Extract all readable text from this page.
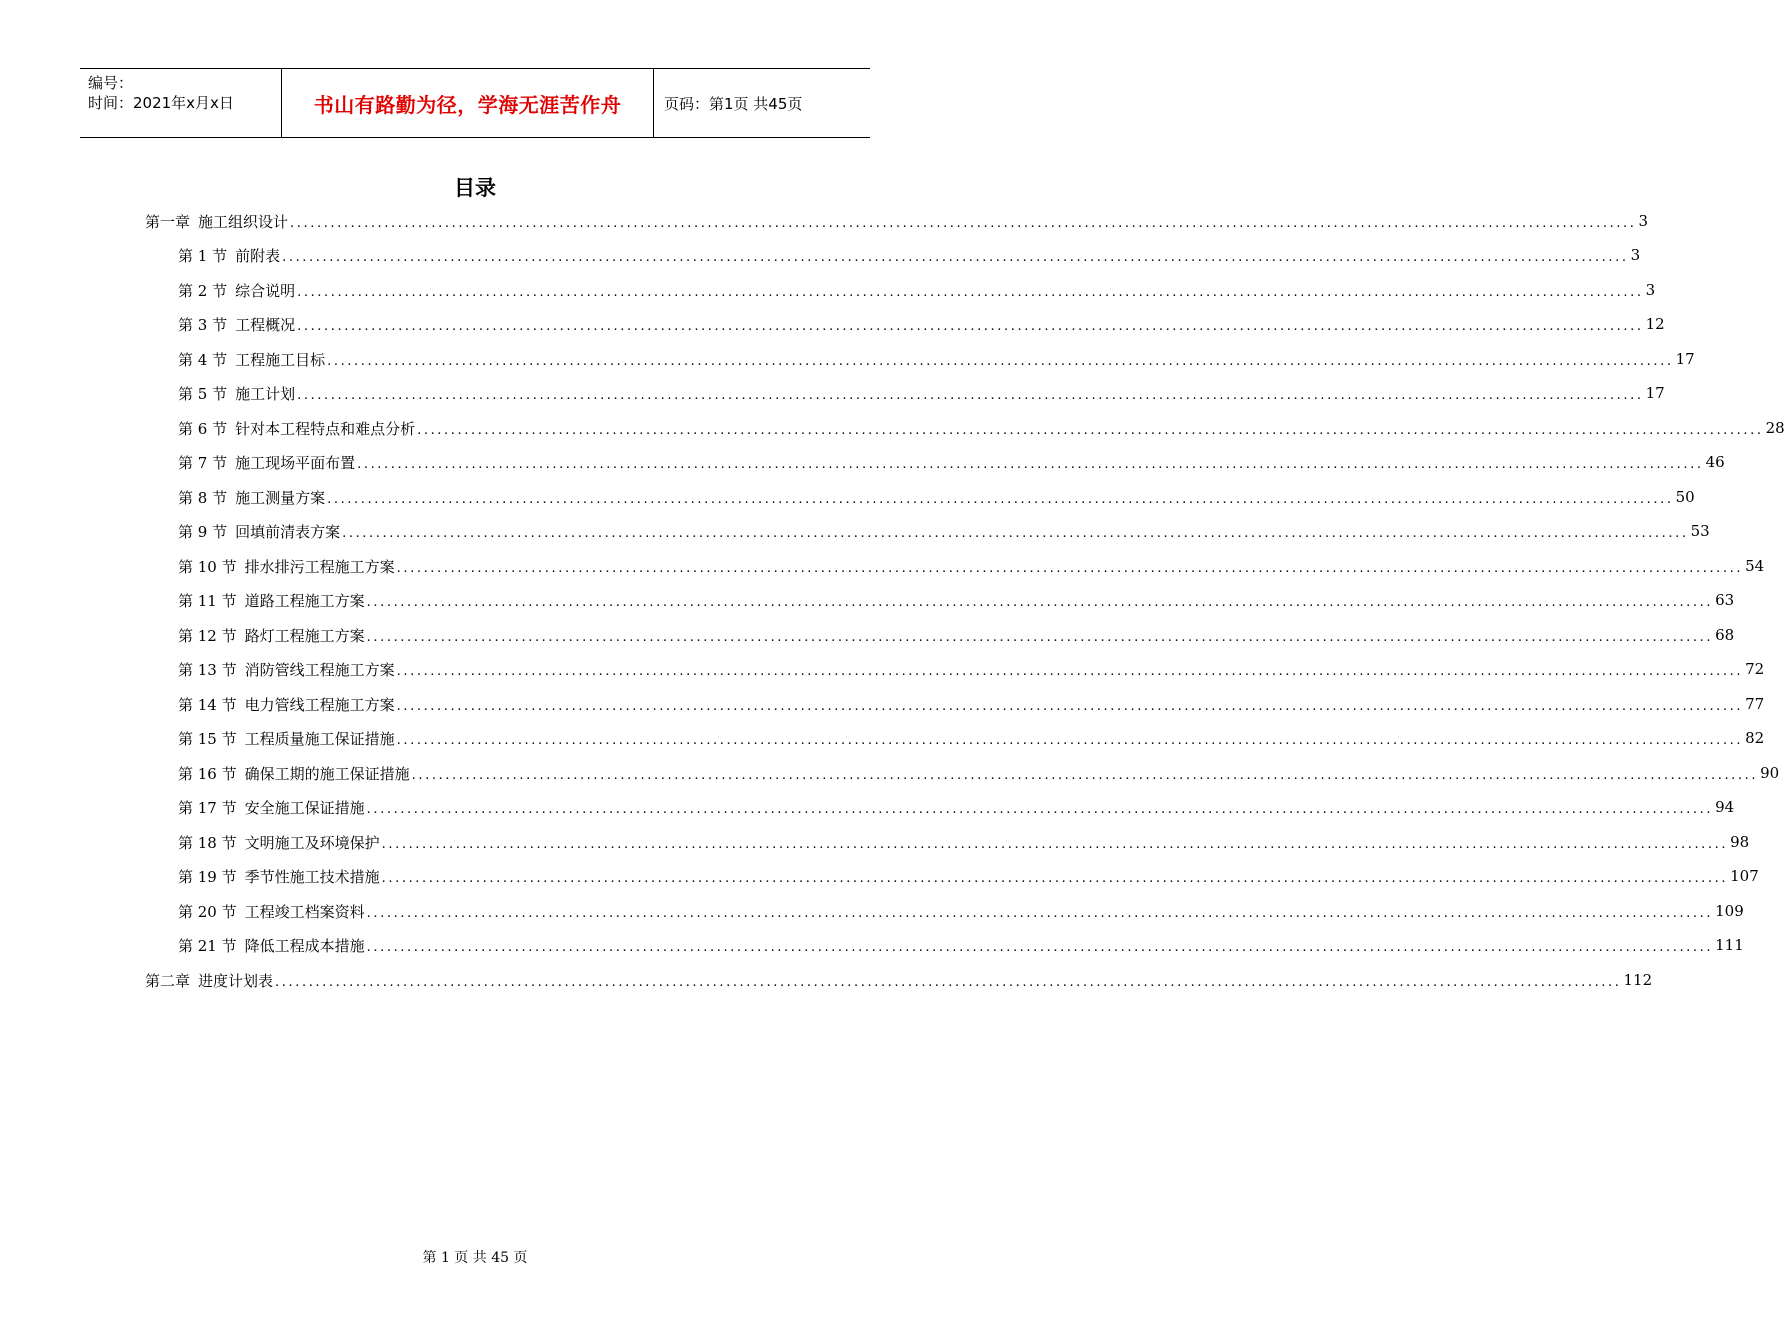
编号：
时间：2021年x月x日	书山有路勤为径，学海无涯苦作舟	页码：第1页 共45页
目录
第一章 施工组织设计 ........................................................................................................................................................................................................ 3
第 1 节 前附表 ........................................................................................................................................................................................................ 3
第 2 节 综合说明 ........................................................................................................................................................................................................ 3
第 3 节 工程概况 ........................................................................................................................................................................................................ 12
第 4 节 工程施工目标 ........................................................................................................................................................................................................ 17
第 5 节 施工计划 ........................................................................................................................................................................................................ 17
第 6 节 针对本工程特点和难点分析 ........................................................................................................................................................................................................ 28
第 7 节 施工现场平面布置 ........................................................................................................................................................................................................ 46
第 8 节 施工测量方案 ........................................................................................................................................................................................................ 50
第 9 节 回填前清表方案 ........................................................................................................................................................................................................ 53
第 10 节 排水排污工程施工方案 ........................................................................................................................................................................................................ 54
第 11 节 道路工程施工方案 ........................................................................................................................................................................................................ 63
第 12 节 路灯工程施工方案 ........................................................................................................................................................................................................ 68
第 13 节 消防管线工程施工方案 ........................................................................................................................................................................................................ 72
第 14 节 电力管线工程施工方案 ........................................................................................................................................................................................................ 77
第 15 节 工程质量施工保证措施 ........................................................................................................................................................................................................ 82
第 16 节 确保工期的施工保证措施 ........................................................................................................................................................................................................ 90
第 17 节 安全施工保证措施 ........................................................................................................................................................................................................ 94
第 18 节 文明施工及环境保护 ........................................................................................................................................................................................................ 98
第 19 节 季节性施工技术措施 ........................................................................................................................................................................................................ 107
第 20 节 工程竣工档案资料 ........................................................................................................................................................................................................ 109
第 21 节 降低工程成本措施 ........................................................................................................................................................................................................ 111
第二章 进度计划表 ........................................................................................................................................................................................................ 112
第 1 页 共 45 页
